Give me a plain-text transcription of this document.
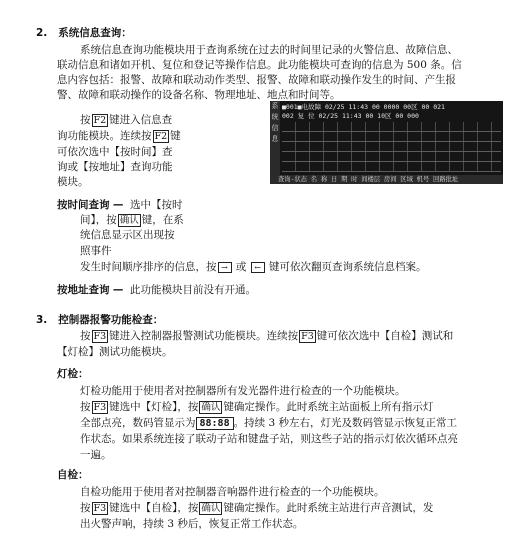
2. 系统信息查询：
系统信息查询功能模块用于查询系统在过去的时间里记录的火警信息、故障信息、
联动信息和诸如开机、复位和登记等操作信息。此功能模块可查询的信息为 500 条。信
息内容包括：报警、故障和联动动作类型、报警、故障和联动操作发生的时间、产生报
警、故障和联动操作的设备名称、物理地址、地点和时间等。
按 F2 键进入信息查
询功能模块。连续按 F2 键
可依次选中【按时间】查
询或【按地址】查询功能
模块。
系
统
信
息
■001■电故障 02/25 11:43 00 0000 00区 00 021
002 复 位 02/25 11:43 00 10区 00 000
查询-状态 名 称 日 期 时 间楼层 房间 区域 机号 回路批址
按时间查询 — 选中【按时
间】，按 确认 键，在系
统信息显示区出现按
照事件
发生时间顺序排序的信息，按 → 或 ← 键可依次翻页查询系统信息档案。
按地址查询 — 此功能模块目前没有开通。
3. 控制器报警功能检查：
按 F3 键进入控制器报警测试功能模块。连续按 F3 键可依次选中【自检】测试和
【灯检】测试功能模块。
灯检：
灯检功能用于使用者对控制器所有发光器件进行检查的一个功能模块。
按 F3 键选中【灯检】，按 确认 键确定操作。此时系统主站面板上所有指示灯
全部点亮，数码管显示为 88:88 。持续 3 秒左右，灯光及数码管显示恢复正常工
作状态。如果系统连接了联动子站和键盘子站，则这些子站的指示灯依次循环点亮
一遍。
自检：
自检功能用于使用者对控制器音响器件进行检查的一个功能模块。
按 F3 键选中【自检】，按 确认 键确定操作。此时系统主站进行声音测试，发
出火警声响，持续 3 秒后，恢复正常工作状态。
